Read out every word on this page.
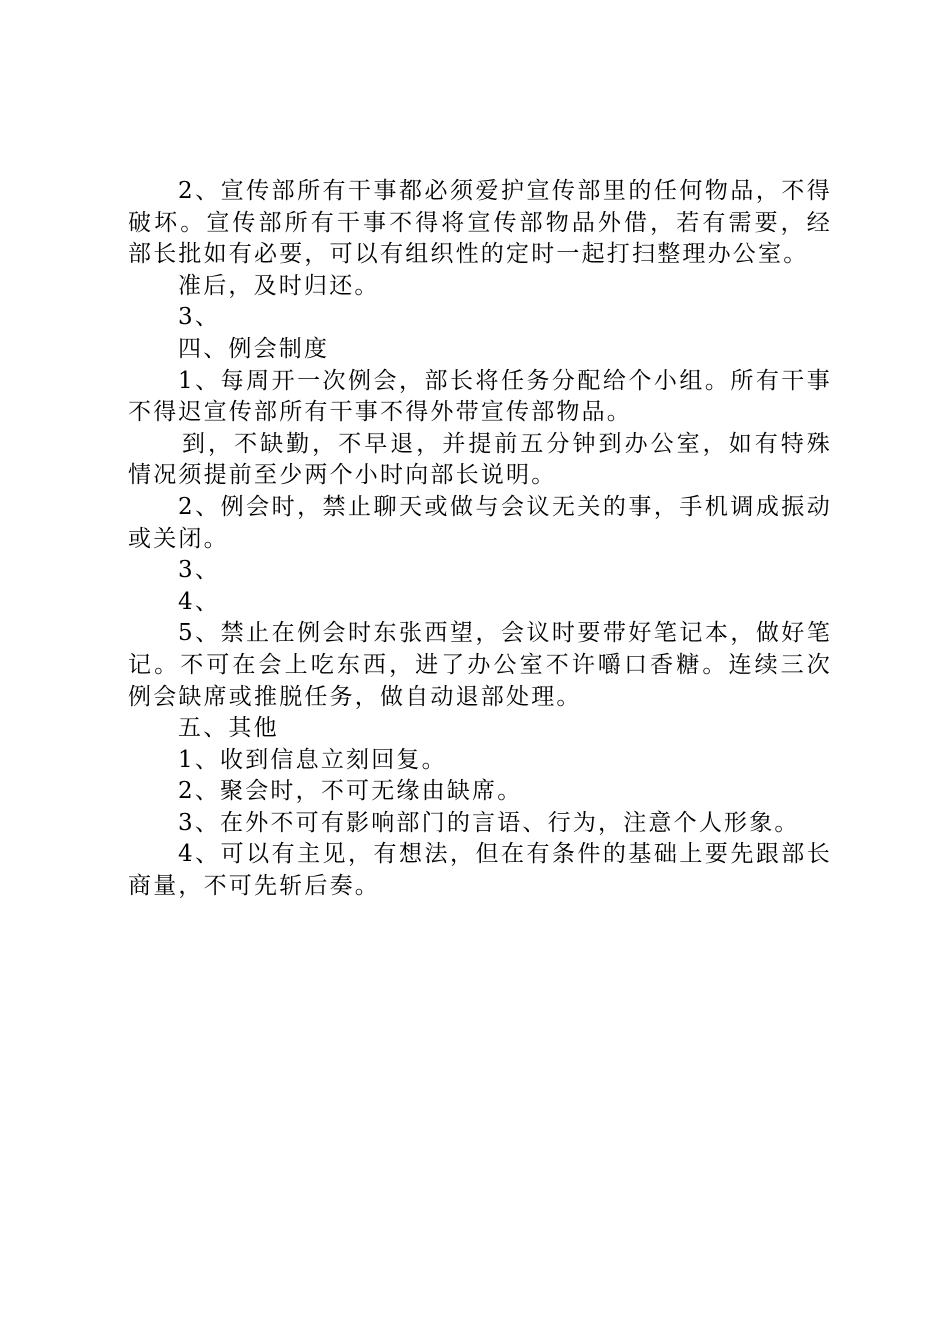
2、宣传部所有干事都必须爱护宣传部里的任何物品，不得破坏。宣传部所有干事不得将宣传部物品外借，若有需要，经部长批如有必要，可以有组织性的定时一起打扫整理办公室。

准后，及时归还。

3、

四、例会制度

1、每周开一次例会，部长将任务分配给个小组。所有干事不得迟宣传部所有干事不得外带宣传部物品。

到，不缺勤，不早退，并提前五分钟到办公室，如有特殊情况须提前至少两个小时向部长说明。

2、例会时，禁止聊天或做与会议无关的事，手机调成振动或关闭。

3、

4、

5、禁止在例会时东张西望，会议时要带好笔记本，做好笔记。不可在会上吃东西，进了办公室不许嚼口香糖。连续三次例会缺席或推脱任务，做自动退部处理。

五、其他

1、收到信息立刻回复。

2、聚会时，不可无缘由缺席。

3、在外不可有影响部门的言语、行为，注意个人形象。

4、可以有主见，有想法，但在有条件的基础上要先跟部长商量，不可先斩后奏。
